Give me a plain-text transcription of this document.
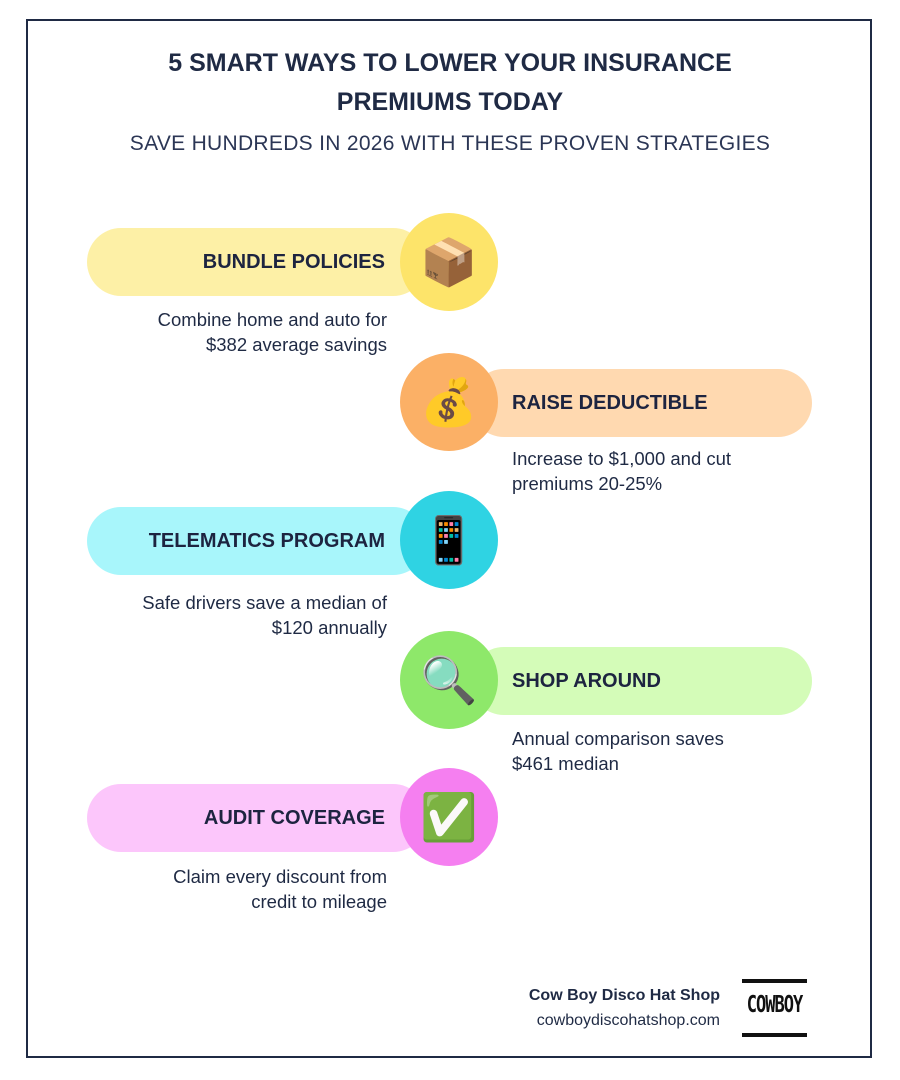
5 SMART WAYS TO LOWER YOUR INSURANCE
PREMIUMS TODAY
SAVE HUNDREDS IN 2026 WITH THESE PROVEN STRATEGIES
BUNDLE POLICIES 📦
Combine home and auto for
$382 average savings
RAISE DEDUCTIBLE
💰
Increase to $1,000 and cut
premiums 20-25%
TELEMATICS PROGRAM 📱
Safe drivers save a median of
$120 annually
SHOP AROUND
🔍
Annual comparison saves
$461 median
AUDIT COVERAGE ✅
Claim every discount from
credit to mileage
Cow Boy Disco Hat Shop
cowboydiscohatshop.com
COWBOY
